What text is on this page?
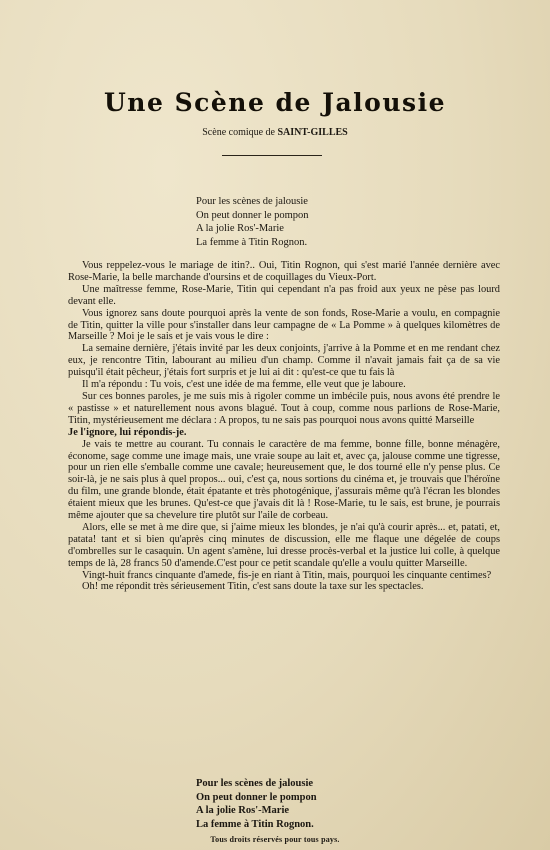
Une Scène de Jalousie
Scène comique de SAINT-GILLES
Pour les scènes de jalousie
On peut donner le pompon
A la jolie Ros'-Marie
La femme à Titin Rognon.

Vous reppelez-vous le mariage de itin?.. Oui, Titin Rognon, qui s'est marié l'année dernière avec Rose-Marie, la belle marchande d'oursins et de coquillages du Vieux-Port.

Une maîtresse femme, Rose-Marie, Titin qui cependant n'a pas froid aux yeux ne pèse pas lourd devant elle.

Vous ignorez sans doute pourquoi après la vente de son fonds, Rose-Marie a voulu, en compagnie de Titin, quitter la ville pour s'installer dans leur campagne de « La Pomme » à quelques kilomètres de Marseille ? Moi je le sais et je vais vous le dire :

La semaine dernière, j'étais invité par les deux conjoints, j'arrive à la Pomme et en me rendant chez eux, je rencontre Titin, labourant au milieu d'un champ. Comme il n'avait jamais fait ça de sa vie puisqu'il était pêcheur, j'étais fort surpris et je lui ai dit : qu'est-ce que tu fais là

Il m'a répondu : Tu vois, c'est une idée de ma femme, elle veut que je laboure.

Sur ces bonnes paroles, je me suis mis à rigoler comme un imbécile puis, nous avons été prendre le « pastisse » et naturellement nous avons blagué. Tout à coup, comme nous parlions de Rose-Marie, Titin, mystérieusement me déclara : A propos, tu ne sais pas pourquoi nous avons quitté Marseille

Je l'ignore, lui répondis-je.

Je vais te mettre au courant. Tu connais le caractère de ma femme, bonne fille, bonne ménagère, économe, sage comme une image mais, une vraie soupe au lait et, avec ça, jalouse comme une tigresse, pour un rien elle s'emballe comme une cavale; heureusement que, le dos tourné elle n'y pense plus. Ce soir-là, je ne sais plus à quel propos... oui, c'est ça, nous sortions du cinéma et, je trouvais que l'héroïne du film, une grande blonde, était épatante et très photogénique, j'assurais même qu'à l'écran les blondes étaient mieux que les brunes. Qu'est-ce que j'avais dit là ! Rose-Marie, tu le sais, est brune, je pourrais même ajouter que sa chevelure tire plutôt sur l'aile de corbeau.

Alors, elle se met à me dire que, si j'aime mieux les blondes, je n'ai qu'à courir après... et, patati, et, patata! tant et si bien qu'après cinq minutes de discussion, elle me flaque une dégelée de coups d'ombrelles sur le casaquin. Un agent s'amène, lui dresse procès-verbal et la justice lui colle, à quelque temps de là, 28 francs 50 d'amende.C'est pour ce petit scandale qu'elle a voulu quitter Marseille.

Vingt-huit francs cinquante d'amede, fis-je en riant à Titin, mais, pourquoi les cinquante centimes?

Oh! me répondit très sérieusement Titin, c'est sans doute la taxe sur les spectacles.

Pour les scènes de jalousie
On peut donner le pompon
A la jolie Ros'-Marie
La femme à Titin Rognon.
Tous droits réservés pour tous pays.
